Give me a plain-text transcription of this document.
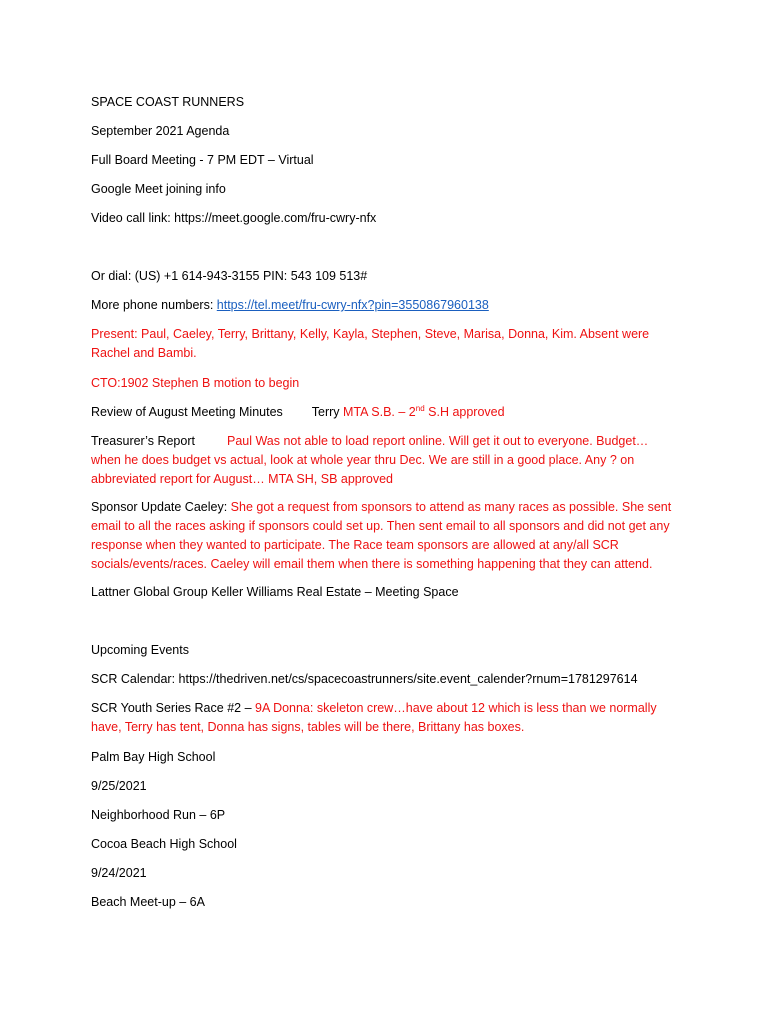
SPACE COAST RUNNERS
September 2021 Agenda
Full Board Meeting - 7 PM EDT – Virtual
Google Meet joining info
Video call link: https://meet.google.com/fru-cwry-nfx
Or dial: (US) +1 614-943-3155 PIN: 543 109 513#
More phone numbers: https://tel.meet/fru-cwry-nfx?pin=3550867960138
Present: Paul, Caeley, Terry, Brittany, Kelly, Kayla, Stephen, Steve, Marisa, Donna, Kim. Absent were Rachel and Bambi.
CTO:1902 Stephen B motion to begin
Review of August Meeting Minutes Terry MTA S.B. – 2nd S.H approved
Treasurer’s Report	Paul Was not able to load report online. Will get it out to everyone. Budget… when he does budget vs actual, look at whole year thru Dec. We are still in a good place. Any ? on abbreviated report for August… MTA SH, SB approved
Sponsor Update Caeley: She got a request from sponsors to attend as many races as possible. She sent email to all the races asking if sponsors could set up. Then sent email to all sponsors and did not get any response when they wanted to participate. The Race team sponsors are allowed at any/all SCR socials/events/races. Caeley will email them when there is something happening that they can attend.
Lattner Global Group Keller Williams Real Estate – Meeting Space
Upcoming Events
SCR Calendar: https://thedriven.net/cs/spacecoastrunners/site.event_calender?rnum=1781297614
SCR Youth Series Race #2 – 9A Donna: skeleton crew…have about 12 which is less than we normally have, Terry has tent, Donna has signs, tables will be there, Brittany has boxes.
Palm Bay High School
9/25/2021
Neighborhood Run – 6P
Cocoa Beach High School
9/24/2021
Beach Meet-up – 6A
